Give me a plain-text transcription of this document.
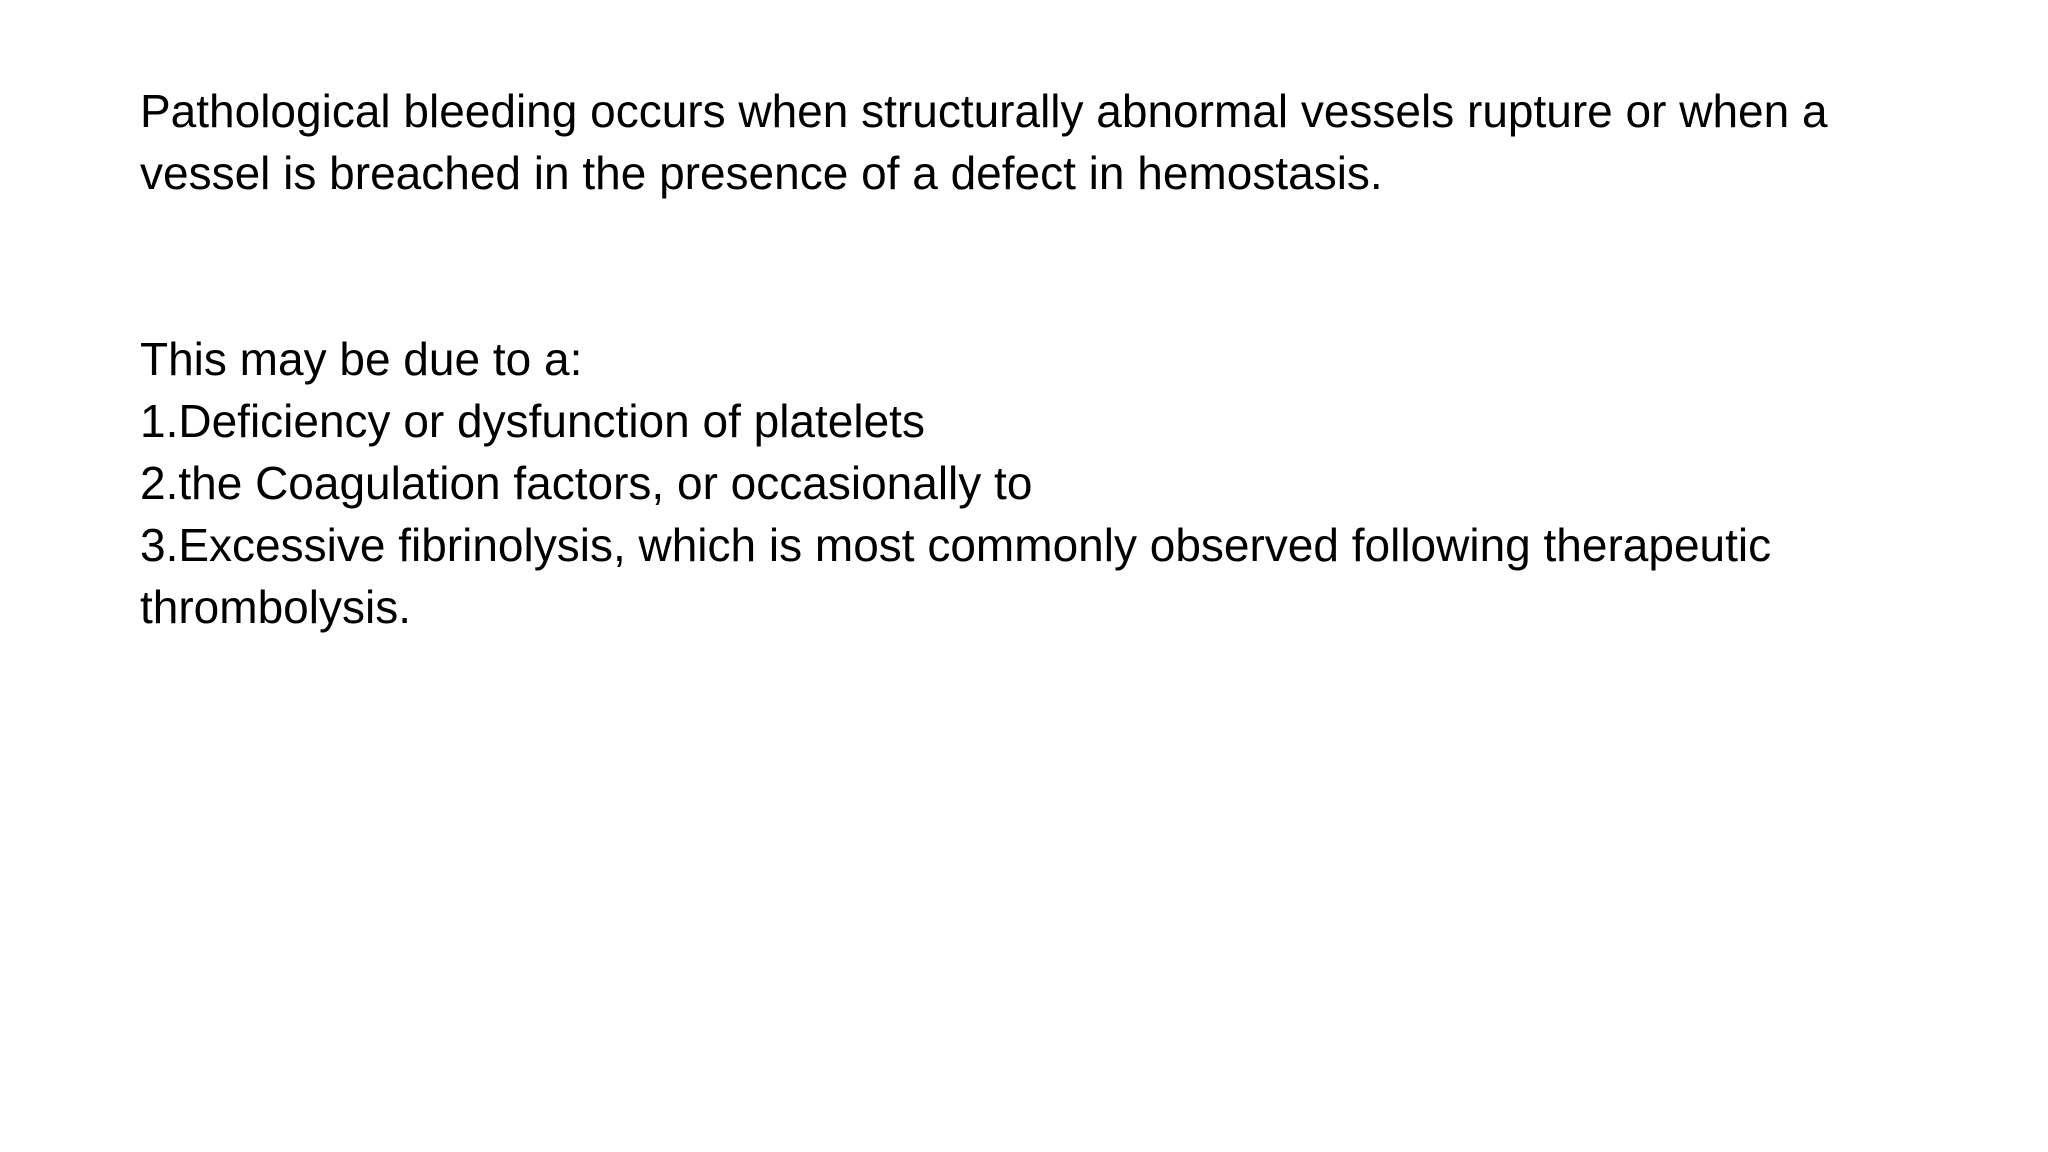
Pathological bleeding occurs when structurally abnormal vessels rupture or when a vessel is breached in the presence of a defect in hemostasis.

This may be due to a:

1.Deficiency or dysfunction of platelets
2.the Coagulation factors, or occasionally to
3.Excessive fibrinolysis, which is most commonly observed following therapeutic thrombolysis.
